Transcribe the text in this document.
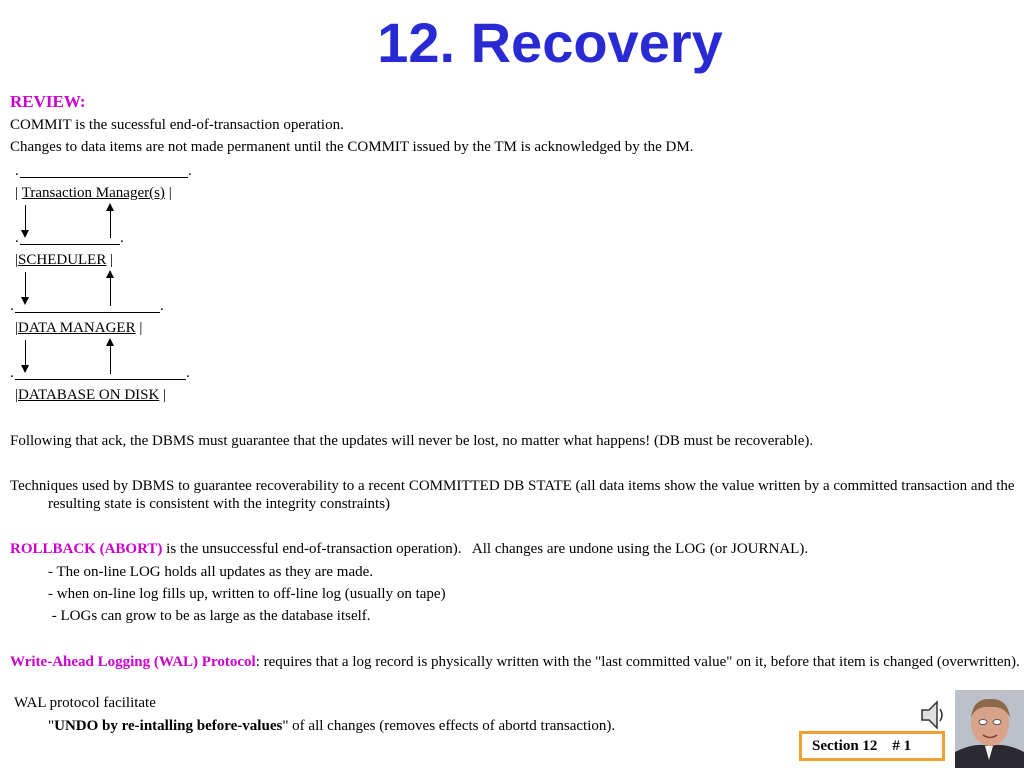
12. Recovery
REVIEW:
COMMIT is the sucessful end-of-transaction operation.
Changes to data items are not made permanent until the COMMIT issued by the TM is acknowledged by the DM.
.	.
| Transaction Manager(s) |
.	.
|SCHEDULER |
.	.
|DATA MANAGER |
.	.
|DATABASE ON DISK |
Following that ack, the DBMS must guarantee that the updates will never be lost, no matter what happens! (DB must be recoverable).
Techniques used by DBMS to guarantee recoverability to a recent COMMITTED DB STATE (all data items show the value written by a committed transaction and the resulting state is consistent with the integrity constraints)
ROLLBACK (ABORT) is the unsuccessful end-of-transaction operation).   All changes are undone using the LOG (or JOURNAL).
- The on-line LOG holds all updates as they are made.
- when on-line log fills up, written to off-line log (usually on tape)
- LOGs can grow to be as large as the database itself.
Write-Ahead Logging (WAL) Protocol: requires that a log record is physically written with the "last committed value" on it, before that item is changed (overwritten).
WAL protocol facilitate
"UNDO by re-intalling before-values" of all changes (removes effects of abortd transaction).
Section 12    # 1
